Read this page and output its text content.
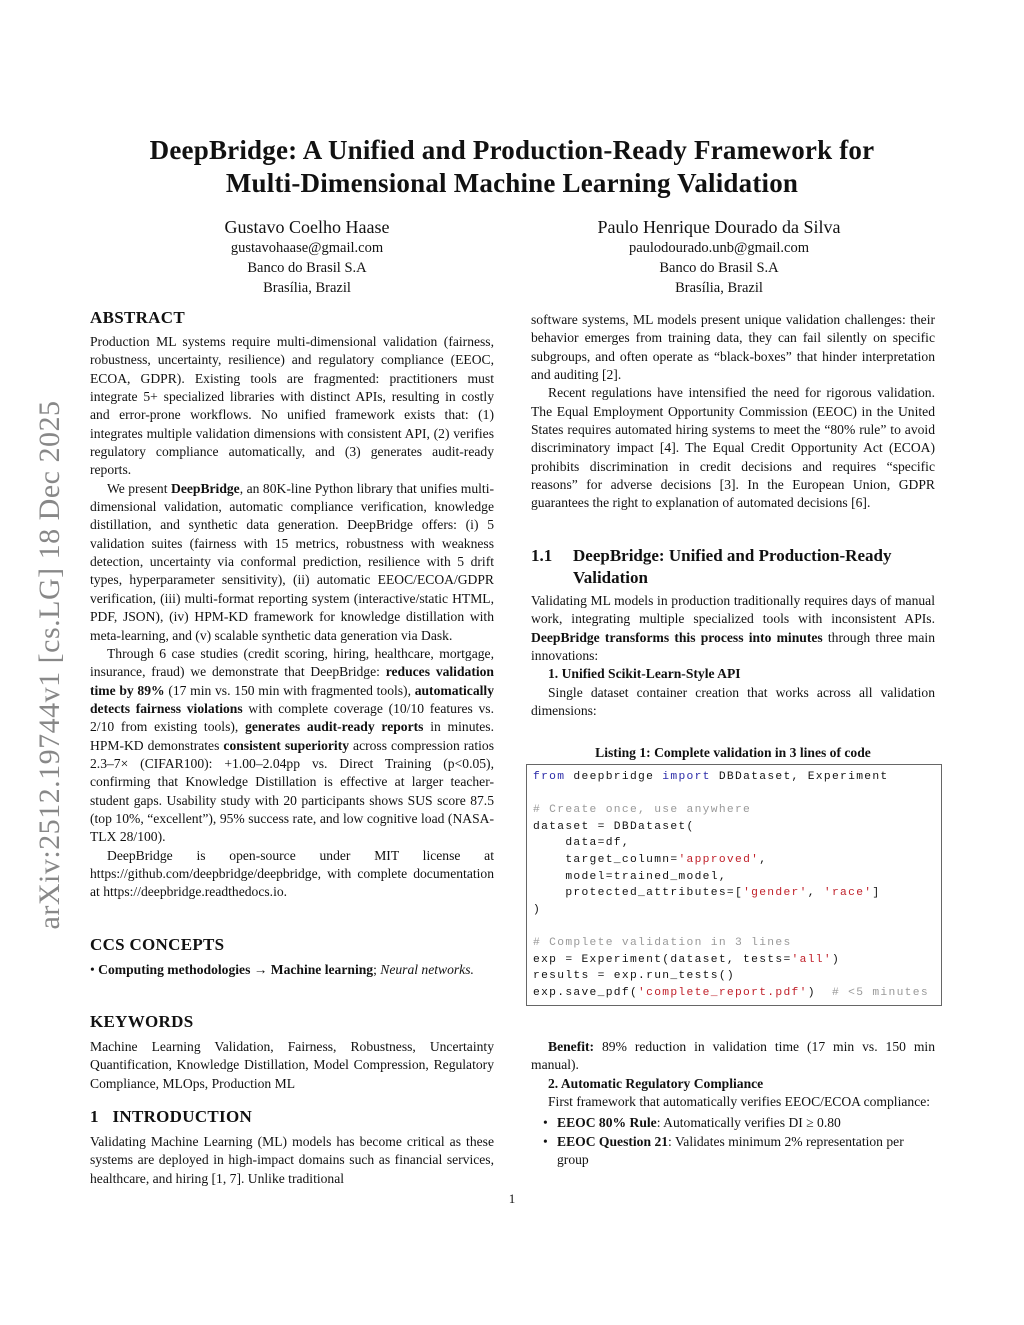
arXiv:2512.19744v1 [cs.LG] 18 Dec 2025
DeepBridge: A Unified and Production-Ready Framework for
Multi-Dimensional Machine Learning Validation
Gustavo Coelho Haase
gustavohaase@gmail.com
Banco do Brasil S.A
Brasília, Brazil
Paulo Henrique Dourado da Silva
paulodourado.unb@gmail.com
Banco do Brasil S.A
Brasília, Brazil
ABSTRACT
Production ML systems require multi-dimensional validation (fairness, robustness, uncertainty, resilience) and regulatory compliance (EEOC, ECOA, GDPR). Existing tools are fragmented: practitioners must integrate 5+ specialized libraries with distinct APIs, resulting in costly and error-prone workflows. No unified framework exists that: (1) integrates multiple validation dimensions with consistent API, (2) verifies regulatory compliance automatically, and (3) generates audit-ready reports.
We present DeepBridge, an 80K-line Python library that unifies multi-dimensional validation, automatic compliance verification, knowledge distillation, and synthetic data generation. DeepBridge offers: (i) 5 validation suites (fairness with 15 metrics, robustness with weakness detection, uncertainty via conformal prediction, resilience with 5 drift types, hyperparameter sensitivity), (ii) automatic EEOC/ECOA/GDPR verification, (iii) multi-format reporting system (interactive/static HTML, PDF, JSON), (iv) HPM-KD framework for knowledge distillation with meta-learning, and (v) scalable synthetic data generation via Dask.
Through 6 case studies (credit scoring, hiring, healthcare, mortgage, insurance, fraud) we demonstrate that DeepBridge: reduces validation time by 89% (17 min vs. 150 min with fragmented tools), automatically detects fairness violations with complete coverage (10/10 features vs. 2/10 from existing tools), generates audit-ready reports in minutes. HPM-KD demonstrates consistent superiority across compression ratios 2.3–7× (CIFAR100): +1.00–2.04pp vs. Direct Training (p<0.05), confirming that Knowledge Distillation is effective at larger teacher-student gaps. Usability study with 20 participants shows SUS score 87.5 (top 10%, “excellent”), 95% success rate, and low cognitive load (NASA-TLX 28/100).
DeepBridge is open-source under MIT license at https://github.com/deepbridge/deepbridge, with complete documentation at https://deepbridge.readthedocs.io.
CCS CONCEPTS
• Computing methodologies → Machine learning; Neural networks.
KEYWORDS
Machine Learning Validation, Fairness, Robustness, Uncertainty Quantification, Knowledge Distillation, Model Compression, Regulatory Compliance, MLOps, Production ML
1   INTRODUCTION
Validating Machine Learning (ML) models has become critical as these systems are deployed in high-impact domains such as financial services, healthcare, and hiring [1, 7]. Unlike traditional
software systems, ML models present unique validation challenges: their behavior emerges from training data, they can fail silently on specific subgroups, and often operate as “black-boxes” that hinder interpretation and auditing [2].
Recent regulations have intensified the need for rigorous validation. The Equal Employment Opportunity Commission (EEOC) in the United States requires automated hiring systems to meet the “80% rule” to avoid discriminatory impact [4]. The Equal Credit Opportunity Act (ECOA) prohibits discrimination in credit decisions and requires “specific reasons” for adverse decisions [3]. In the European Union, GDPR guarantees the right to explanation of automated decisions [6].
1.1	DeepBridge: Unified and Production-Ready Validation
Validating ML models in production traditionally requires days of manual work, integrating multiple specialized tools with inconsistent APIs. DeepBridge transforms this process into minutes through three main innovations:
1. Unified Scikit-Learn-Style API
Single dataset container creation that works across all validation dimensions:
Listing 1: Complete validation in 3 lines of code
from deepbridge import DBDataset, Experiment
# Create once, use anywhere
dataset = DBDataset(
data=df,
target_column='approved',
model=trained_model,
protected_attributes=['gender', 'race']
)
# Complete validation in 3 lines
exp = Experiment(dataset, tests='all')
results = exp.run_tests()
exp.save_pdf('complete_report.pdf')  # <5 minutes
Benefit: 89% reduction in validation time (17 min vs. 150 min manual).
2. Automatic Regulatory Compliance
First framework that automatically verifies EEOC/ECOA compliance:
• EEOC 80% Rule: Automatically verifies DI ≥ 0.80
• EEOC Question 21: Validates minimum 2% representation per group
1
